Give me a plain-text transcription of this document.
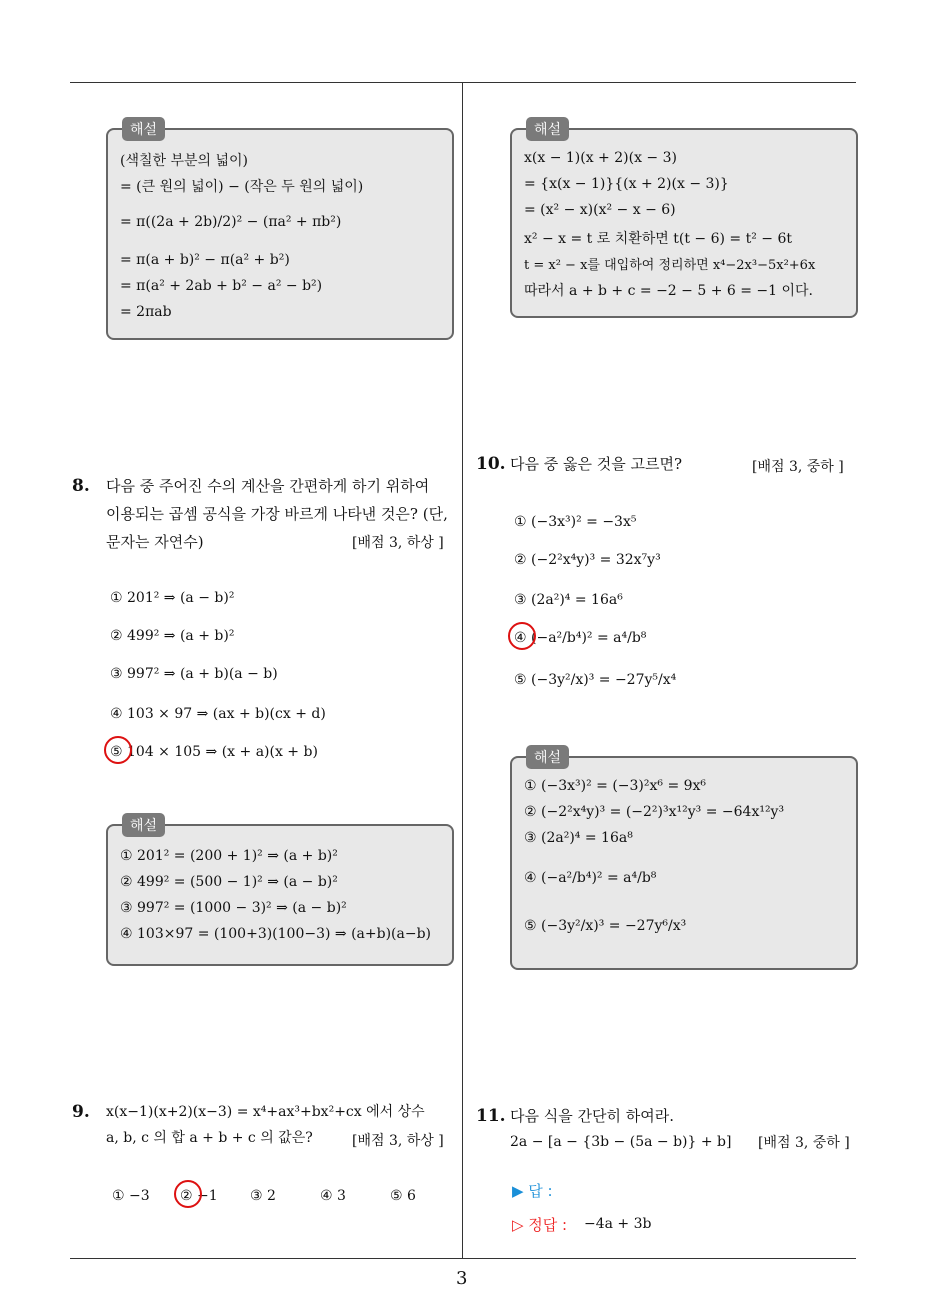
해설
(색칠한 부분의 넓이)
= (큰 원의 넓이) − (작은 두 원의 넓이)
= π((2a + 2b)/2)² − (πa² + πb²)
= π(a + b)² − π(a² + b²)
= π(a² + 2ab + b² − a² − b²)
= 2πab
8. 다음 중 주어진 수의 계산을 간편하게 하기 위하여
이용되는 곱셈 공식을 가장 바르게 나타낸 것은? (단,
문자는 자연수)	[배점 3, 하상 ]
① 201² ⇒ (a − b)²
② 499² ⇒ (a + b)²
③ 997² ⇒ (a + b)(a − b)
④ 103 × 97 ⇒ (ax + b)(cx + d)
⑤ 104 × 105 ⇒ (x + a)(x + b)
해설
① 201² = (200 + 1)² ⇒ (a + b)²
② 499² = (500 − 1)² ⇒ (a − b)²
③ 997² = (1000 − 3)² ⇒ (a − b)²
④ 103×97 = (100+3)(100−3) ⇒ (a+b)(a−b)
9. x(x−1)(x+2)(x−3) = x⁴+ax³+bx²+cx 에서 상수
a, b, c 의 합 a + b + c 의 값은?	[배점 3, 하상 ]
① −3 ② −1 ③ 2	④ 3	⑤ 6
해설
x(x − 1)(x + 2)(x − 3)
= {x(x − 1)}{(x + 2)(x − 3)}
= (x² − x)(x² − x − 6)
x² − x = t 로 치환하면 t(t − 6) = t² − 6t
t = x² − x를 대입하여 정리하면 x⁴−2x³−5x²+6x
따라서 a + b + c = −2 − 5 + 6 = −1 이다.
10. 다음 중 옳은 것을 고르면?	[배점 3, 중하 ]
① (−3x³)² = −3x⁵
② (−2²x⁴y)³ = 32x⁷y³
③ (2a²)⁴ = 16a⁶
④ (−a²/b⁴)² = a⁴/b⁸
⑤ (−3y²/x)³ = −27y⁵/x⁴
해설
① (−3x³)² = (−3)²x⁶ = 9x⁶
② (−2²x⁴y)³ = (−2²)³x¹²y³ = −64x¹²y³
③ (2a²)⁴ = 16a⁸
④ (−a²/b⁴)² = a⁴/b⁸
⑤ (−3y²/x)³ = −27y⁶/x³
11. 다음 식을 간단히 하여라.
2a − [a − {3b − (5a − b)} + b] [배점 3, 중하 ]
▶ 답 :
▷ 정답 : −4a + 3b
3
